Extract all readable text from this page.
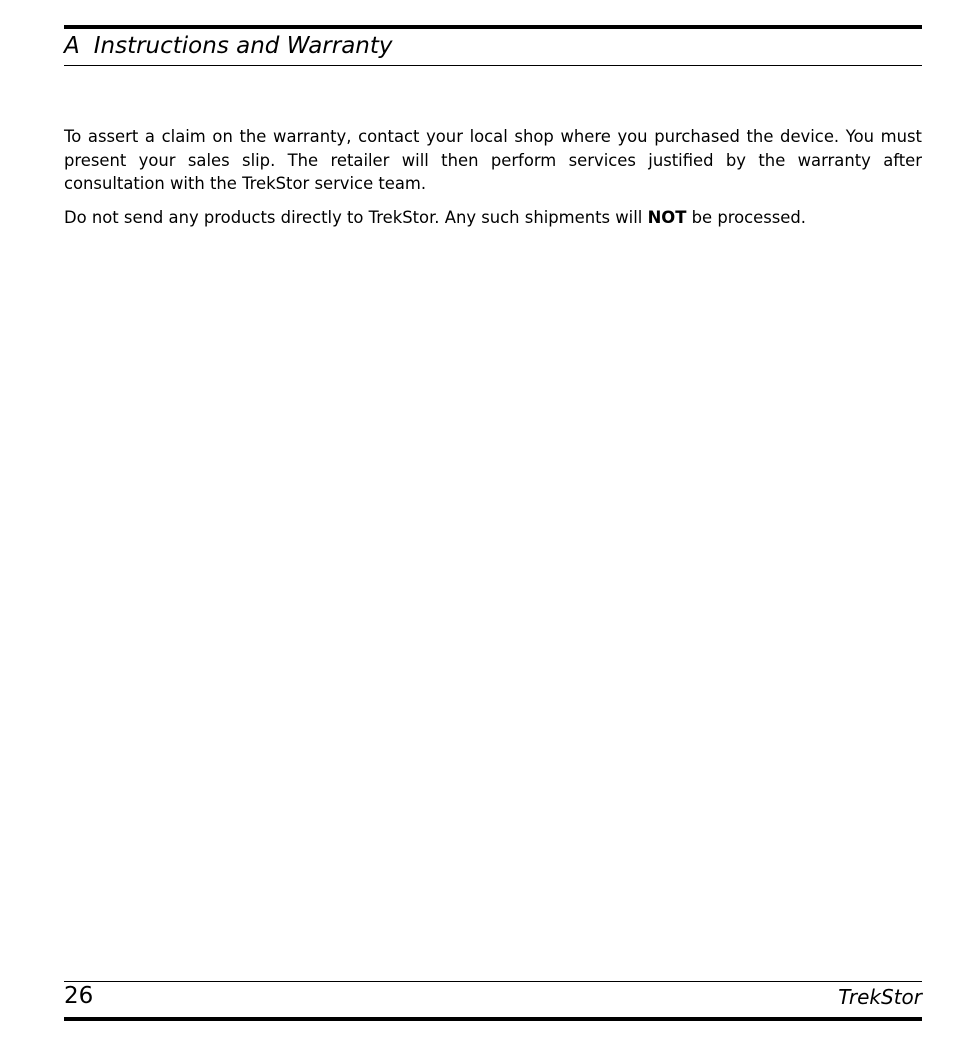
A Instructions and Warranty

To assert a claim on the warranty, contact your local shop where you purchased the device. You must present your sales slip. The retailer will then perform services justified by the warranty after consultation with the TrekStor service team.

Do not send any products directly to TrekStor. Any such shipments will NOT be processed.

26	TrekStor
